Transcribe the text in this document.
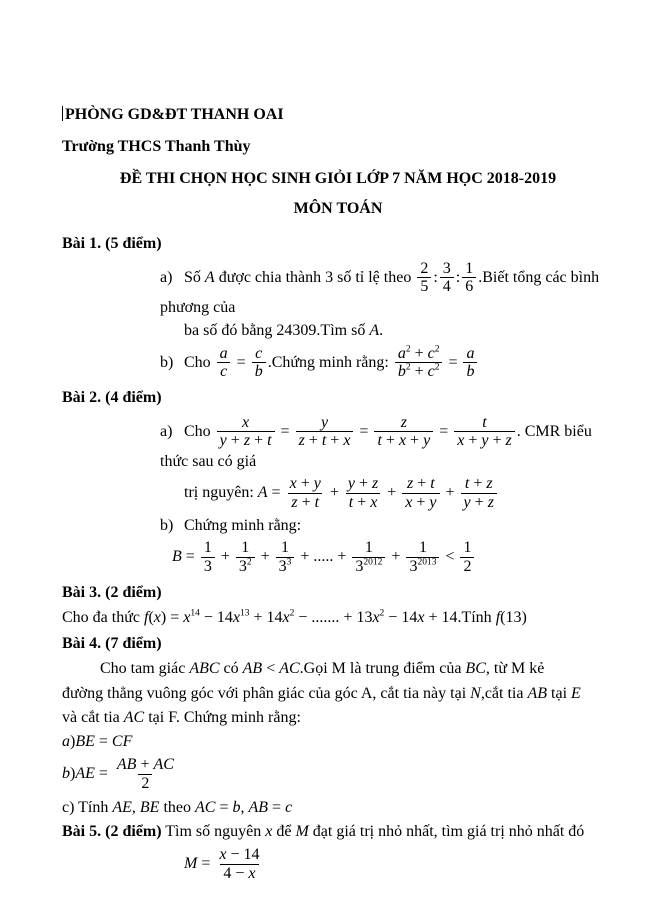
PHÒNG GD&ĐT THANH OAI

Trường THCS Thanh Thùy

ĐỀ THI CHỌN HỌC SINH GIỎI LỚP 7 NĂM HỌC 2018-2019

MÔN TOÁN

Bài 1. (5 điểm)

a) Số A được chia thành 3 số tỉ lệ theo $\frac{2}{5}$ : $\frac{3}{4}$ : $\frac{1}{6}$ .Biết tổng các bình phương của
ba số đó bằng 24309.Tìm số A.
b) Cho $\frac{a}{c} = \frac{c}{b}$ .Chứng minh rằng: $\frac{a^2 + c^2}{b^2 + c^2} = \frac{a}{b}$

Bài 2. (4 điểm)

a) Cho $\frac{x}{y + z + t} = \frac{y}{z + t + x} = \frac{z}{t + x + y} = \frac{t}{x + y + z}$ . CMR biểu thức sau có giá
trị nguyên: $A = \frac{x + y}{z + t} + \frac{y + z}{t + x} + \frac{z + t}{x + y} + \frac{t + z}{y + z}$
b) Chứng minh rằng:
$B = \frac{1}{3} + \frac{1}{3^2} + \frac{1}{3^3}$ + ..... + $\frac{1}{3^{2012}} + \frac{1}{3^{2013}} < \frac{1}{2}$

Bài 3. (2 điểm)

Cho đa thức $f(x) = x^{14} - 14x^{13} + 14x^2$ − ....... + $13x^2 - 14x$ + 14.Tính f(13)

Bài 4. (7 điểm)

Cho tam giác ABC có AB < AC.Gọi M là trung điểm của BC, từ M kẻ

đường thẳng vuông góc với phân giác của góc A, cắt tia này tại N,cắt tia AB tại E

và cắt tia AC tại F. Chứng minh rằng:

a)BE = CF

$b)AE = \frac{AB + AC}{2}$

c) Tính AE, BE theo AC = b, AB = c

Bài 5. (2 điểm) Tìm số nguyên x để M đạt giá trị nhỏ nhất, tìm giá trị nhỏ nhất đó

$M = \frac{x - 14}{4 - x}$
